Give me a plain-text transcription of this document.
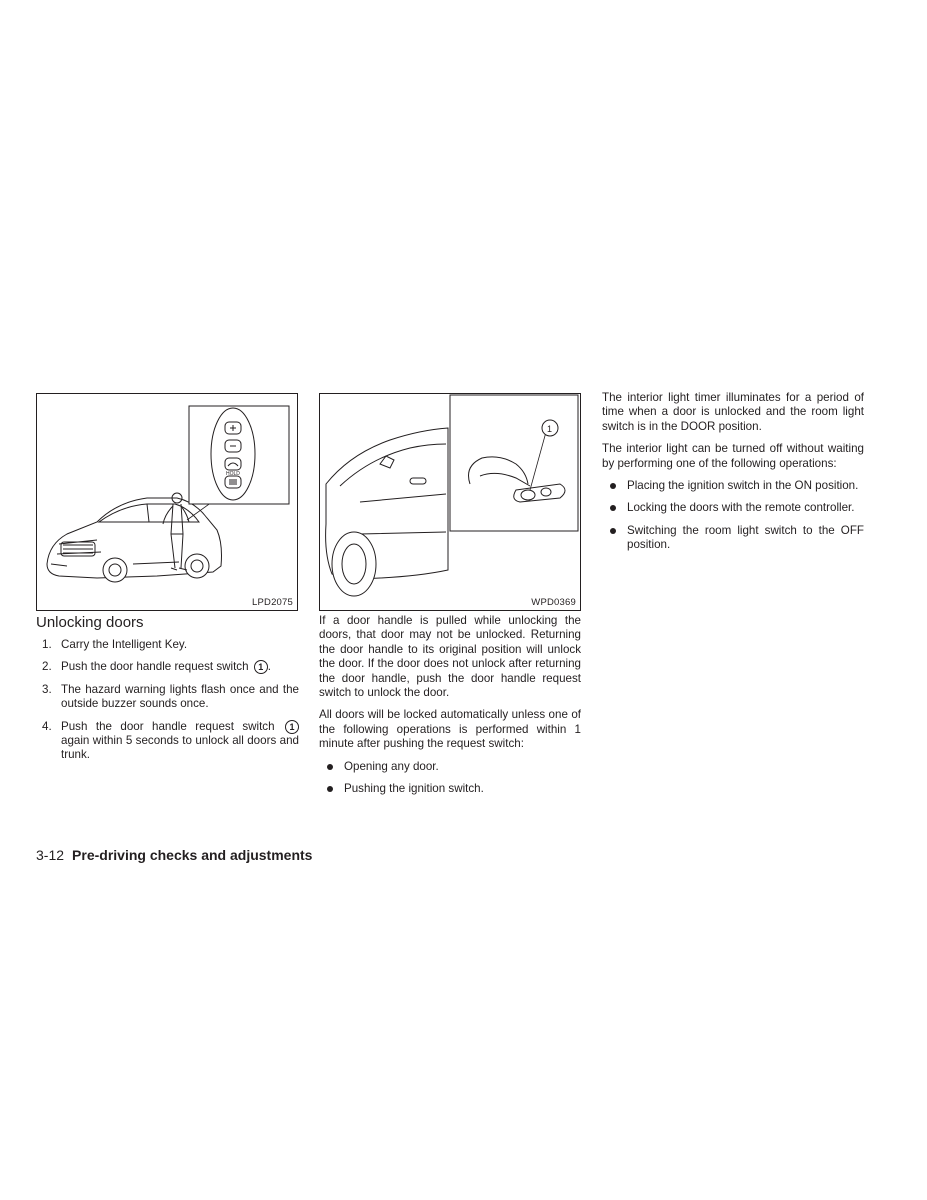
HOLD
LPD2075
1
WPD0369
Unlocking doors
1. Carry the Intelligent Key.
2. Push the door handle request switch 1 .
3. The hazard warning lights flash once and the outside buzzer sounds once.
4. Push the door handle request switch 1 again within 5 seconds to unlock all doors and trunk.

If a door handle is pulled while unlocking the doors, that door may not be unlocked. Returning the door handle to its original position will unlock the door. If the door does not unlock after returning the door handle, push the door handle request switch to unlock the door.

All doors will be locked automatically unless one of the following operations is performed within 1 minute after pushing the request switch:

Opening any door.
Pushing the ignition switch.

The interior light timer illuminates for a period of time when a door is unlocked and the room light switch is in the DOOR position.

The interior light can be turned off without waiting by performing one of the following operations:

Placing the ignition switch in the ON position.
Locking the doors with the remote controller.
Switching the room light switch to the OFF position.
3-12 Pre-driving checks and adjustments
